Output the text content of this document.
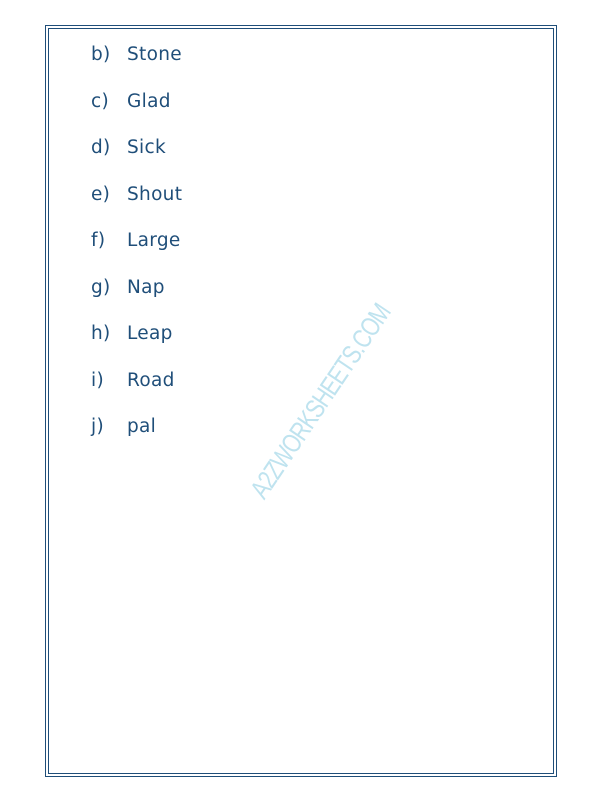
b) Stone
c) Glad
d) Sick
e) Shout
f)	Large
g) Nap
h) Leap
i)	Road
j)	pal	A2ZWORKSHEETS.COM
